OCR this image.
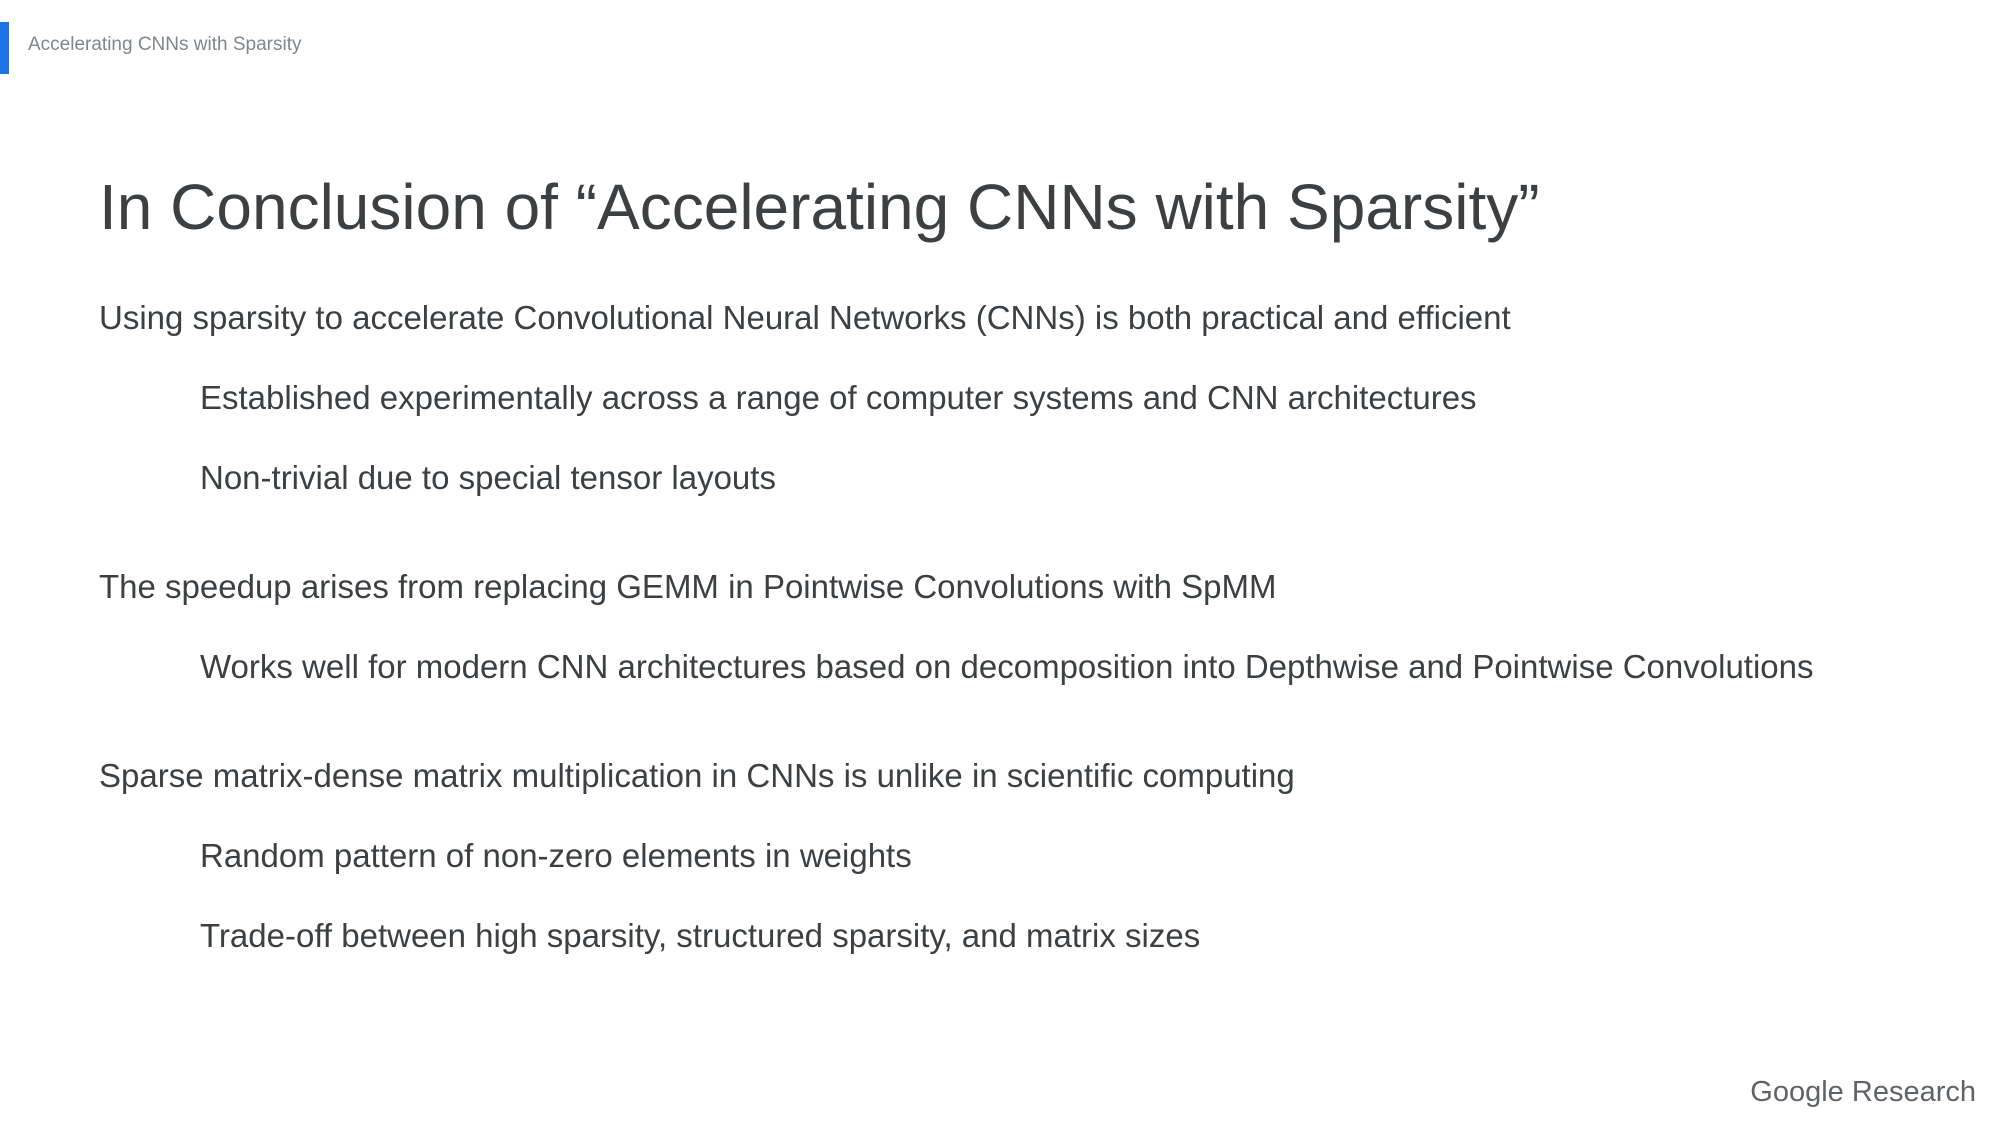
Accelerating CNNs with Sparsity
In Conclusion of “Accelerating CNNs with Sparsity”
Using sparsity to accelerate Convolutional Neural Networks (CNNs) is both practical and efficient
Established experimentally across a range of computer systems and CNN architectures
Non-trivial due to special tensor layouts
The speedup arises from replacing GEMM in Pointwise Convolutions with SpMM
Works well for modern CNN architectures based on decomposition into Depthwise and Pointwise Convolutions
Sparse matrix-dense matrix multiplication in CNNs is unlike in scientific computing
Random pattern of non-zero elements in weights
Trade-off between high sparsity, structured sparsity, and matrix sizes
Google Research
